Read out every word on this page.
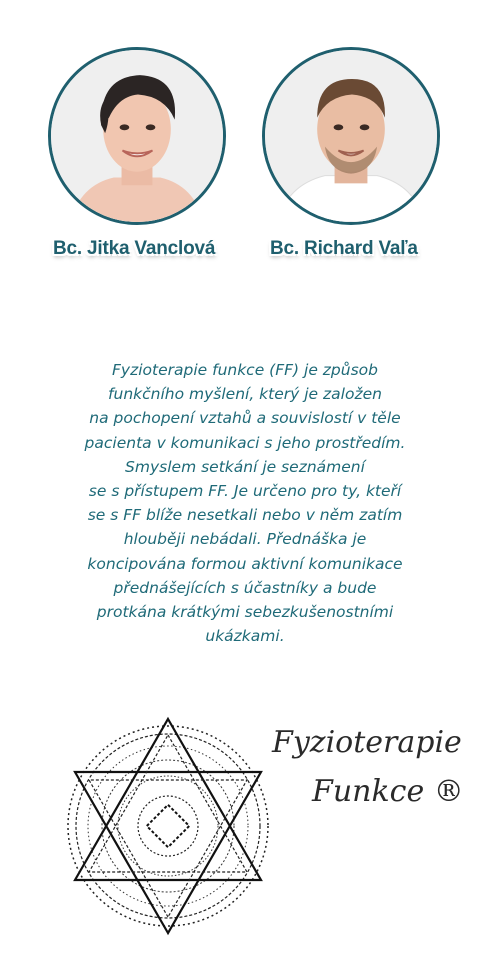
Bc. Jitka Vanclová	Bc. Richard Vaľa
Fyzioterapie funkce (FF) je způsob
funkčního myšlení, který je založen
na pochopení vztahů a souvislostí v těle
pacienta v komunikaci s jeho prostředím.
Smyslem setkání je seznámení
se s přístupem FF. Je určeno pro ty, kteří
se s FF blíže nesetkali nebo v něm zatím
hlouběji nebádali. Přednáška je
koncipována formou aktivní komunikace
přednášejících s účastníky a bude
protkána krátkými sebezkušenostními
ukázkami.
Fyzioterapie
Funkce ®
